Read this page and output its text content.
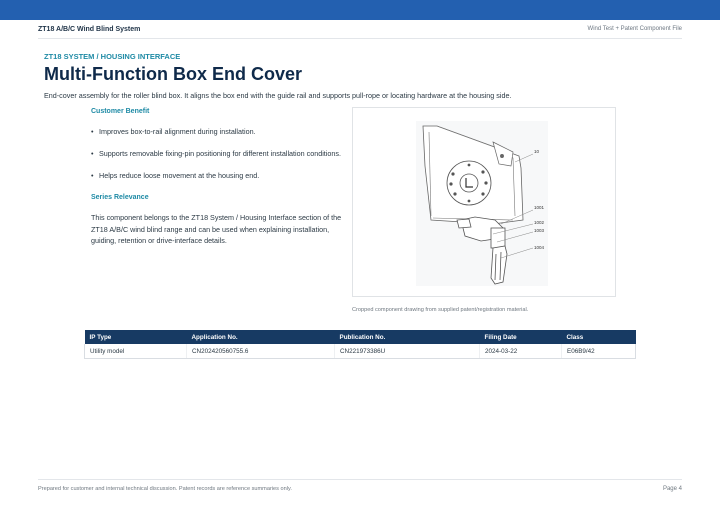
ZT18 A/B/C Wind Blind System	Wind Test + Patent Component File
ZT18 SYSTEM / HOUSING INTERFACE
Multi-Function Box End Cover
End-cover assembly for the roller blind box. It aligns the box end with the guide rail and supports pull-rope or locating hardware at the housing side.
Customer Benefit
• Improves box-to-rail alignment during installation.
• Supports removable fixing-pin positioning for different installation conditions.
• Helps reduce loose movement at the housing end.
Series Relevance
This component belongs to the ZT18 System / Housing Interface section of the ZT18 A/B/C wind blind range and can be used when explaining installation, guiding, retention or drive-interface details.
10
1001
1002
1003
1004
Cropped component drawing from supplied patent/registration material.
IP Type	Application No.	Publication No.	Filing Date	Class
Utility model	CN202420560755.6	CN221973386U	2024-03-22	E06B9/42
Prepared for customer and internal technical discussion. Patent records are reference summaries only.	Page 4
